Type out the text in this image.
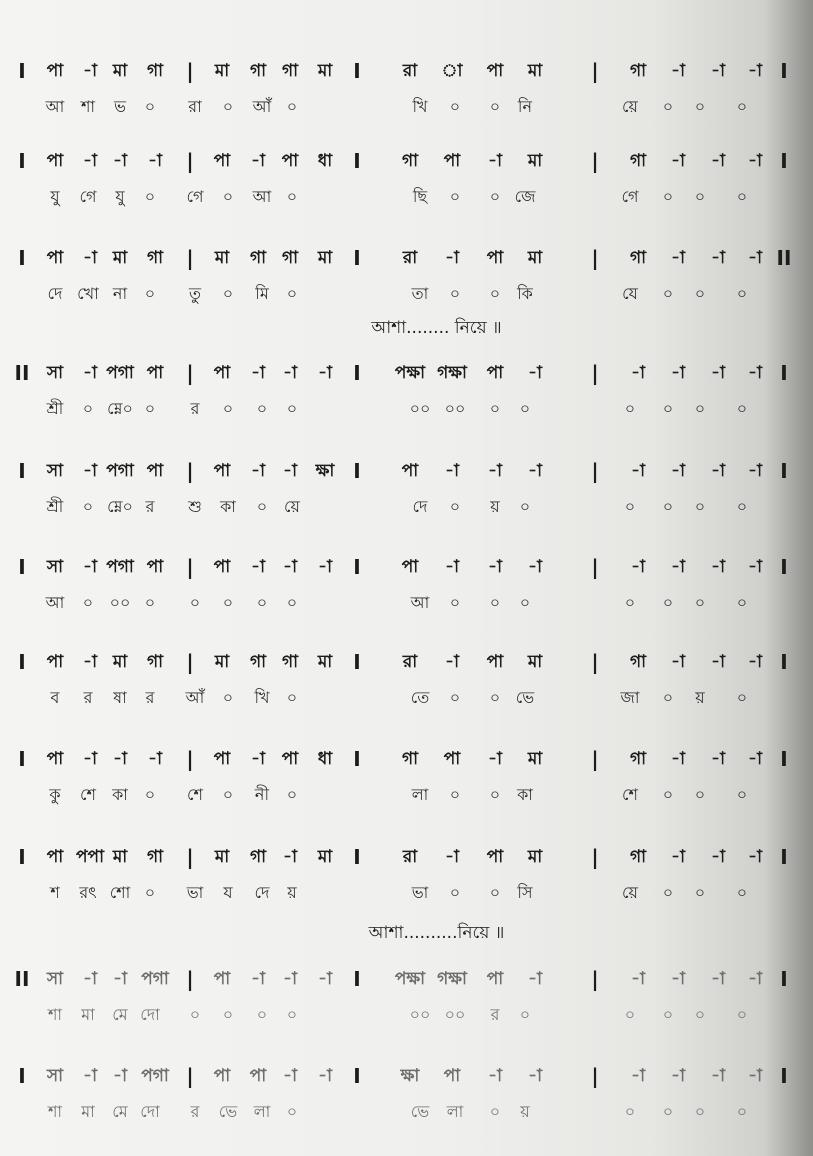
I পা -া মা গা | মা গা গা মা I রা া পা মা | গা -া -া -া I
আ শা ভ ০ রা ০ আঁ ০	খি ০ ০ নি	য়ে ০ ০ ০
I পা -া -া -া | পা -া পা ধা I গা পা -া মা | গা -া -া -া I
যু গে যু ০ গে ০ আ ০	ছি ০ ০ জে	গে ০ ০ ০
I পা -া মা গা | মা গা গা মা I রা -া পা মা | গা -া -া -া II
দে খো না ০ তু ০ মি ০	তা ০ ০ কি	যে ০ ০ ০
II সা -া পগা পা | পা -া -া -া I পক্ষা গক্ষা পা -া | -া -া -া -া I
শ্রী ০ ম্নে০ ০ র ০ ০ ০	০০ ০০ ০ ০	০ ০ ০ ০
I সা -া পগা পা | পা -া -া ক্ষা I পা -া -া -া | -া -া -া -া I
শ্রী ০ ম্নে০ র শু কা ০ য়ে	দে ০ য় ০	০ ০ ০ ০
I সা -া পগা পা | পা -া -া -া I পা -া -া -া | -া -া -া -া I
আ ০ ০০ ০ ০ ০ ০ ০	আ ০ ০ ০	০ ০ ০ ০
I পা -া মা গা | মা গা গা মা I রা -া পা মা | গা -া -া -া I
ব র ষা র আঁ ০ খি ০	তে ০ ০ ভে	জা ০ য় ০
I পা -া -া -া | পা -া পা ধা I গা পা -া মা | গা -া -া -া I
কু শে কা ০ শে ০ নী ০	লা ০ ০ কা	শে ০ ০ ০
I পা পপা মা গা | মা গা -া মা I রা -া পা মা | গা -া -া -া I
শ রৎ শো ০ ভা য দে য়	ভা ০ ০ সি	য়ে ০ ০ ০
II সা -া -া পগা | পা -া -া -া I পক্ষা গক্ষা পা -া | -া -া -া -া I
শা মা মে দো ০ ০ ০ ০	০০ ০০ র ০	০ ০ ০ ০
I সা -া -া পগা | পা পা -া -া I ক্ষা পা -া -া | -া -া -া -া I
শা মা মে দো র ভে লা ০	ভে লা ০ য়	০ ০ ০ ০
আশা........ নিয়ে ॥
আশা..........নিয়ে ॥
